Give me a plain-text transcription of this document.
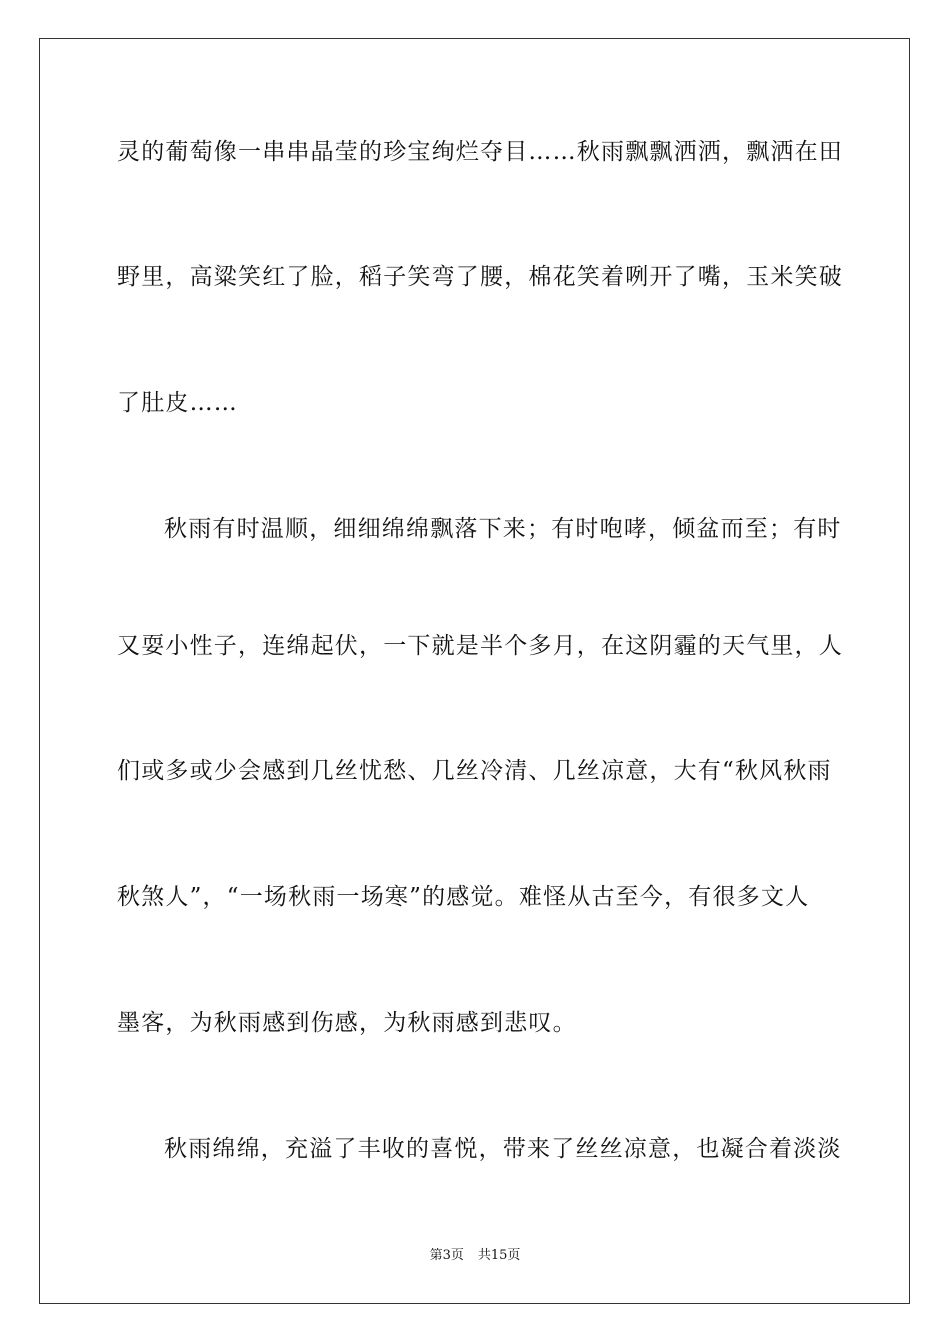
灵的葡萄像一串串晶莹的珍宝绚烂夺目……秋雨飘飘洒洒，飘洒在田
野里，高粱笑红了脸，稻子笑弯了腰，棉花笑着咧开了嘴，玉米笑破
了肚皮……
秋雨有时温顺，细细绵绵飘落下来；有时咆哮，倾盆而至；有时
又耍小性子，连绵起伏，一下就是半个多月，在这阴霾的天气里，人
们或多或少会感到几丝忧愁、几丝冷清、几丝凉意，大有“秋风秋雨
秋煞人”，“一场秋雨一场寒”的感觉。难怪从古至今，有很多文人
墨客，为秋雨感到伤感，为秋雨感到悲叹。
秋雨绵绵，充溢了丰收的喜悦，带来了丝丝凉意，也凝合着淡淡
第3页 共15页
